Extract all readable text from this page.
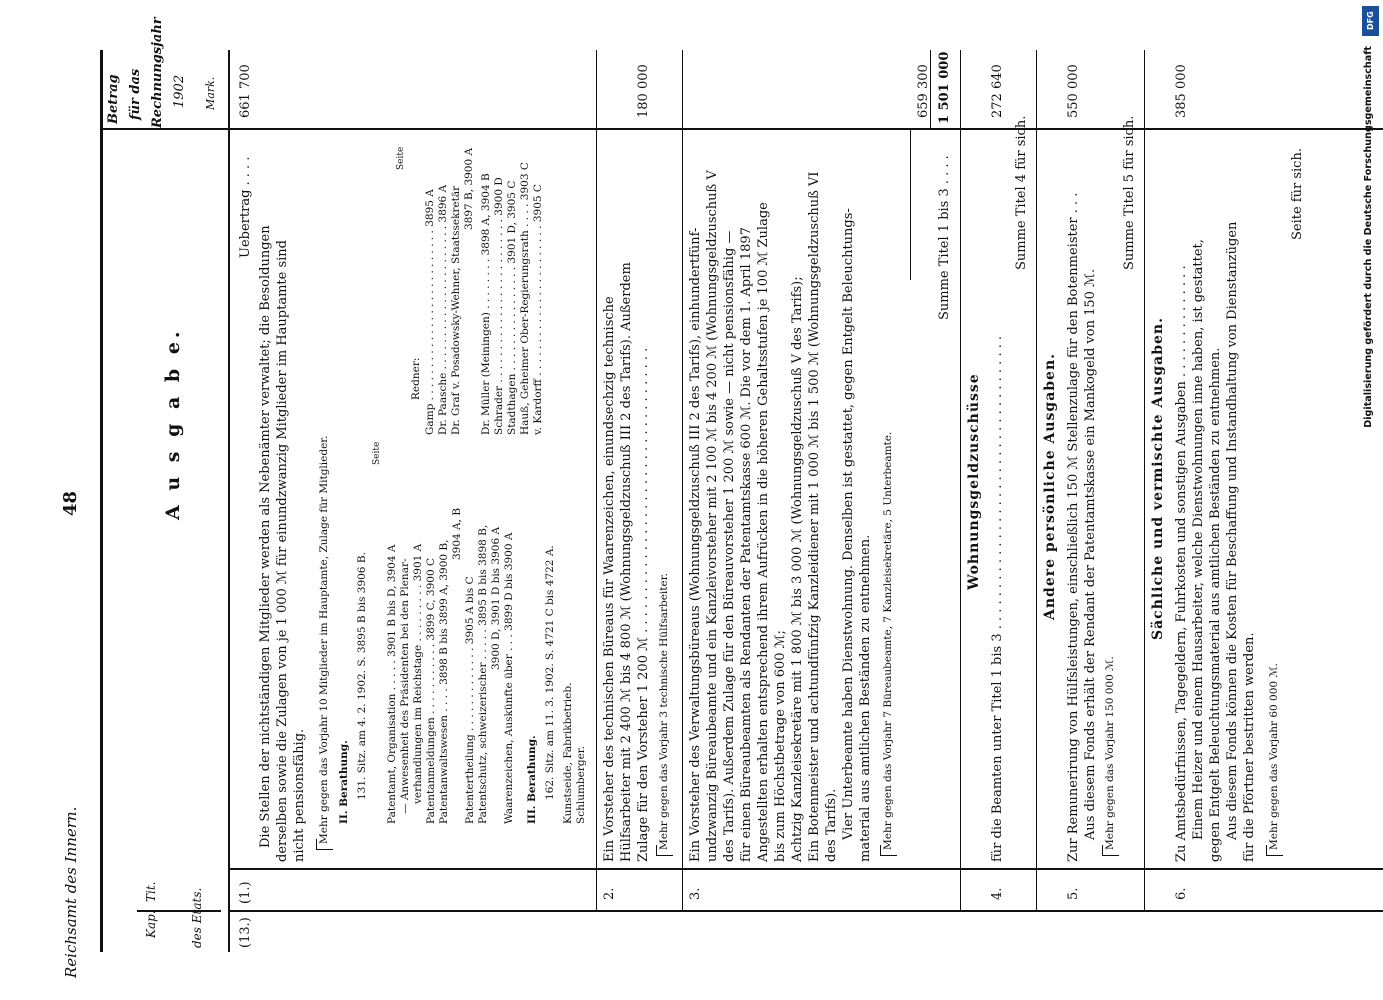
Reichsamt des Innern.
48
Kap.
Tit.	des Etats.
A u s g a b e.
Betrag für das Rechnungsjahr 1902 Mark.
(13.)
(1.)
661 700
Uebertrag . . . .
Die Stellen der nichtständigen Mitglieder werden als Nebenämter verwaltet; die Besoldungen derselben sowie die Zulagen von je 1 000 ℳ für einundzwanzig Mitglieder im Hauptamte sind nicht pensionsfähig. Mehr gegen das Vorjahr 10 Mitglieder im Hauptamte, Zulage für Mitglieder. II. Berathung. 131. Sitz. am 4. 2. 1902. S. 3895 B bis 3906 B.
Seite
Patentamt, Organisation . . . . . 3901 B bis D, 3904 A — Anwesenheit des Präsidenten bei den Plenar- verhandlungen im Reichstage . . . . . . . . . 3901 A Patentanmeldungen . . . . . . . . . . . 3899 C, 3900 C Patentanwaltswesen . . . . 3898 B bis 3899 A, 3900 B,
3904 A, B
Patentertheilung . . . . . . . . . . . . . 3905 A bis C Patentschutz, schweizerischer . . . . . 3895 B bis 3898 B, 3900 D, 3901 D bis 3906 A Waarenzeichen, Auskünfte über . . . 3899 D bis 3900 A III. Berathung. 162. Sitz. am 11. 3. 1902. S. 4721 C bis 4722 A. Kunstseide, Fabrikbetrieb. Schlumberger.
Seite
Redner: Gamp . . . . . . . . . . . . . . . . . . . . . . . . . . 3895 A Dr. Paasche . . . . . . . . . . . . . . . . . . . . . . 3896 A Dr. Graf v. Posadowsky-Wehner, Staatssekretär 3897 B, 3900 A Dr. Müller (Meiningen) . . . . . . . . 3898 A, 3904 B Schrader . . . . . . . . . . . . . . . . . . . . . . . . . 3900 D Stadthagen . . . . . . . . . . . . . . . . 3901 D, 3905 C Hauß, Geheimer Ober-Regierungsrath . . . . 3903 C v. Kardorff . . . . . . . . . . . . . . . . . . . . . . . 3905 C
2.
180 000
Ein Vorsteher des technischen Büreaus für Waarenzeichen, einundsechzig technische Hülfsarbeiter mit 2 400 ℳ bis 4 800 ℳ (Wohnungsgeldzuschuß III 2 des Tarifs). Außerdem Zulage für den Vorsteher 1 200 ℳ . . . . . . . . . . . . . . . . . . . . . . . . . . . . . . . . . . . Mehr gegen das Vorjahr 3 technische Hülfsarbeiter.
3.
Ein Vorsteher des Verwaltungsbüreaus (Wohnungsgeldzuschuß III 2 des Tarifs), einhundertfünf- undzwanzig Büreaubeamte und ein Kanzleivorsteher mit 2 100 ℳ bis 4 200 ℳ (Wohnungsgeldzuschuß V des Tarifs). Außerdem Zulage für den Büreauvorsteher 1 200 ℳ sowie — nicht pensionsfähig — für einen Büreaubeamten als Rendanten der Patentamtskasse 600 ℳ. Die vor dem 1. April 1897 Angestellten erhalten entsprechend ihrem Aufrücken in die höheren Gehaltsstufen je 100 ℳ Zulage bis zum Höchstbetrage von 600 ℳ; Achtzig Kanzleisekretäre mit 1 800 ℳ bis 3 000 ℳ (Wohnungsgeldzuschuß V des Tarifs); Ein Botenmeister und achtundfünfzig Kanzleidiener mit 1 000 ℳ bis 1 500 ℳ (Wohnungsgeldzuschuß VI des Tarifs). Vier Unterbeamte haben Dienstwohnung. Denselben ist gestattet, gegen Entgelt Beleuchtungs- material aus amtlichen Beständen zu entnehmen. Mehr gegen das Vorjahr 7 Büreaubeamte, 7 Kanzleisekretäre, 5 Unterbeamte.
659 300
Summe Titel 1 bis 3 . . . .
1 501 000
Wohnungsgeldzuschüsse
4.
für die Beamten unter Titel 1 bis 3 . . . . . . . . . . . . . . . . . . . . . . . . . . . . . . . . . . . .
272 640
Summe Titel 4 für sich.
Andere persönliche Ausgaben.
5.
Zur Remunerirung von Hülfsleistungen, einschließlich 150 ℳ Stellenzulage für den Botenmeister . . . Aus diesem Fonds erhält der Rendant der Patentamtskasse ein Mankogeld von 150 ℳ.
550 000
Mehr gegen das Vorjahr 150 000 ℳ.
Summe Titel 5 für sich.
Sächliche und vermischte Ausgaben.
6.
Zu Amtsbedürfnissen, Tagegeldern, Fuhrkosten und sonstigen Ausgaben . . . . . . . . . . . . . . Einem Heizer und einem Hausarbeiter, welche Dienstwohnungen inne haben, ist gestattet, gegen Entgelt Beleuchtungsmaterial aus amtlichen Beständen zu entnehmen. Aus diesem Fonds können die Kosten für Beschaffung und Instandhaltung von Dienstanzügen für die Pförtner bestritten werden.
385 000
Mehr gegen das Vorjahr 60 000 ℳ.
Seite für sich.
DFG
Digitalisierung gefördert durch die Deutsche Forschungsgemeinschaft
